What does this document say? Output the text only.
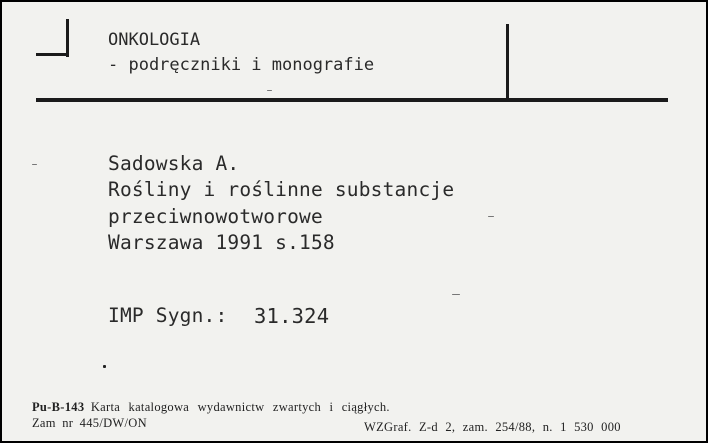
ONKOLOGIA
- podręczniki i monografie
Sadowska A.
Rośliny i roślinne substancje
przeciwnowotworowe
Warszawa 1991 s.158
IMP Sygn.: 31.324
Pu-B-143 Karta katalogowa wydawnictw zwartych i ciągłych.
Zam nr 445/DW/ON	WZGraf. Z-d 2, zam. 254/88, n. 1 530 000
